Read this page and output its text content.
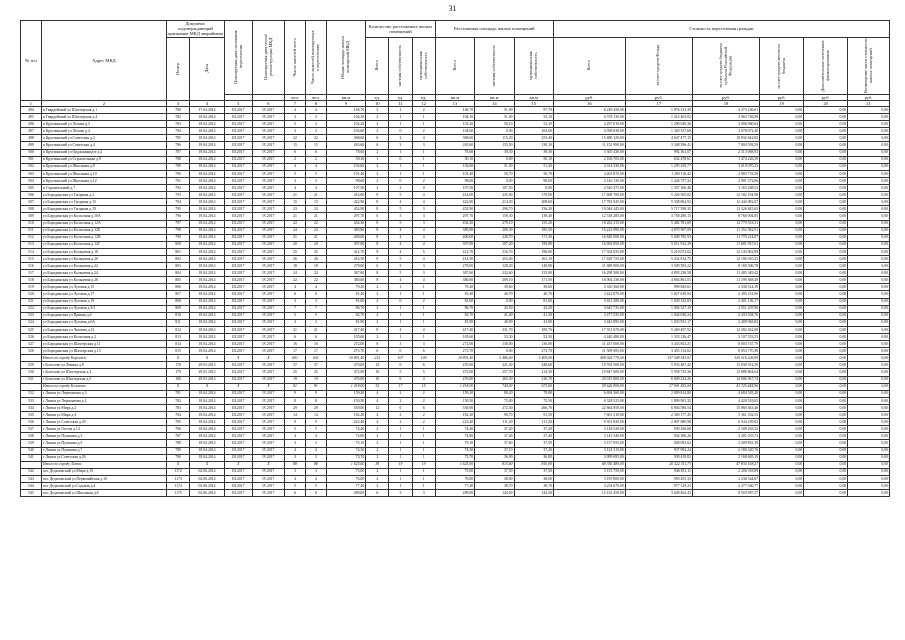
31
№ п/п	Адрес МКД	Документ, подтверждающий признание МКД аварийным		Планируемая дата окончания переселения	Планируемая дата сноса/ реконструкции МКД	Число жителей всего	Число жителей планируемых к переселению	Общая площадь жилых помещений МКД	Количество расселяемых жилых помещений			Расселяемая площадь жилых помещений			Стоимость переселения граждан					

		Номер	Дата						Всего	частная собственность	муниципальная собственность	Всего	частная собственность	муниципальная собственность	Всего	за счет средств Фонда	за счет средств бюджета субъекта Российской Федерации	за счет средств местного бюджета	Дополнительные источники финансирования	Возмещение части стоимости жилых помещений

						чел.	чел.	кв.м	ед.	ед.	ед.	кв.м	кв.м	кв.м	руб.	руб.	руб.	руб.	руб.	руб.
1	2	3	4	5	6	7	8	9	10	11	12	13	14	15	16	17	18	19	20	21
494	п Гвардейский ул Шахтерская д.1	780	17.04.2014	III.2017	IV.2017	4	4	148,70	3	1	2	148,70	51,00	97,70	6 249 450,00	1 876 213,39	4 373 236,61	0,00	0,00	0,00
495	п Гвардейский ул Шахтерская д.4	782	18.04.2014	III.2017	IV.2017	3	3	104,10	2	1	1	104,10	51,00	53,10	4 378 130,00	1 314 403,02	3 063 726,98	0,00	0,00	0,00
496	п Круглинский ул Лесная д.3	783	18.04.2014	III.2017	IV.2017	5	3	102,20	2	1	1	102,20	50,10	52,10	4 297 010,00	1 290 049,36	3 006 960,64	0,00	0,00	0,00
497	п Круглинский ул Лесная д.4	784	18.04.2014	III.2017	IV.2017	3	3	104,60	2	0	2	104,60	0,00	104,60	4 398 630,00	1 320 557,60	3 078 072,40	0,00	0,00	0,00
498	п Круглинский ул Советская д.2	785	18.04.2014	III.2017	IV.2017	22	22	368,60	6	2	4	368,60	115,20	253,40	15 480 120,00	4 647 477,15	10 832 642,85	0,00	0,00	0,00
499	п Круглинский ул Советская д.4	786	18.04.2014	III.2017	IV.2017	15	15	265,60	6	3	3	265,60	135,50	130,10	11 152 990,00	3 348 396,41	7 804 593,59	0,00	0,00	0,00
500	п Круглинский ул Орджоникидзе д.2	787	18.04.2014	III.2017	IV.2017	6	6	78,60	2	1	1	78,60	39,30	39,30	3 305 430,00	992 361,07	2 313 068,93	0,00	0,00	0,00
501	п Круглинский ул Строительная д.9	788	18.04.2014	III.2017	IV.2017	2	2	50,10	1	0	1	50,10	0,00	50,10	2 106 705,00	632 478,61	1 474 226,39	0,00	0,00	0,00
502	п Круглинский ул Школьная д.8	789	18.04.2014	III.2017	IV.2017	4	4	102,60	2	1	1	102,60	51,30	51,30	4 314 330,00	1 295 259,77	3 019 070,23	0,00	0,00	0,00
503	п Круглинский ул Школьная д.10	790	18.04.2014	III.2017	IV.2017	5	5	101,40	2	1	1	101,40	50,70	50,70	4 263 870,00	1 280 116,42	2 983 753,58	0,00	0,00	0,00
504	п Круглинский ул Школьная д.12	791	18.04.2014	III.2017	IV.2017	3	3	98,60	2	0	2	98,60	0,00	98,60	4 146 130,00	1 244 757,34	2 901 372,66	0,00	0,00	0,00
505	п Строительный д.7	792	18.04.2014	III.2017	IV.2017	4	4	107,50	2	2	0	107,50	107,50	0,00	4 520 375,00	1 357 106,48	3 163 268,52	0,00	0,00	0,00
506	ул Бородинская ул Гагарина д.2	793	18.04.2014	III.2017	IV.2017	21	21	414,00	9	5	4	414,00	235,00	179,00	17 408 700,00	5 226 505,02	12 182 194,98	0,00	0,00	0,00
507	ул Бородинская ул Гагарина д.15	794	18.04.2014	III.2017	IV.2017	15	15	422,90	8	4	4	422,90	214,30	208,60	17 782 945,00	5 338 862,93	12 444 082,07	0,00	0,00	0,00
508	ул Бородинская ул Гагарина д.19	795	18.04.2014	III.2017	IV.2017	23	23	452,90	8	5	3	452,90	296,70	156,20	19 044 445,00	5 717 599,35	13 326 845,65	0,00	0,00	0,00
509	ул Бородинская ул Колхозная д.10А	796	18.04.2014	III.2017	IV.2017	21	21	297,70	6	3	3	297,70	159,30	138,40	12 518 285,00	3 758 280,15	8 760 004,85	0,00	0,00	0,00
510	ул Бородинская ул Колхозная д.12А	797	18.04.2014	III.2017	IV.2017	22	22	434,30	8	5	3	434,30	279,10	155,20	18 262 315,00	5 482 781,69	12 779 533,31	0,00	0,00	0,00
511	ул Бородинская ул Колхозная д.12Б	798	18.04.2014	III.2017	IV.2017	24	24	385,80	8	4	4	385,80	200,30	185,50	16 222 890,00	4 870 507,09	11 352 382,91	0,00	0,00	0,00
512	ул Бородинская ул Колхозная д.12В	799	18.04.2014	III.2017	IV.2017	21	21	400,00	8	4	4	400,00	228,70	171,30	16 820 000,00	5 049 785,93	11 770 214,07	0,00	0,00	0,00
513	ул Бородинская ул Колхозная д.12Г	800	18.04.2014	III.2017	IV.2017	20	20	397,00	8	4	4	397,00	197,20	199,80	16 693 850,00	5 011 912,39	11 681 937,61	0,00	0,00	0,00
514	ул Бородинская ул Кольцевая д.18	801	18.04.2014	III.2017	IV.2017	25	25	412,70	9	4	5	412,70	216,70	196,00	17 354 035,00	5 210 072,02	12 143 962,98	0,00	0,00	0,00
515	ул Бородинская ул Кольцевая д.20	802	18.04.2014	III.2017	IV.2017	26	26	414,50	9	5	4	414,50	253,40	161,10	17 429 725,00	5 232 814,75	12 196 910,25	0,00	0,00	0,00
516	ул Бородинская ул Кольцевая д.22	803	18.04.2014	III.2017	IV.2017	18	18	278,00	6	3	3	278,00	128,20	149,80	11 689 900,00	3 509 593,22	8 180 306,78	0,00	0,00	0,00
517	ул Бородинская ул Кольцевая д.24	804	18.04.2014	III.2017	IV.2017	24	24	387,60	8	5	3	387,60	232,60	155,00	16 298 580,00	4 893 230,58	11 405 349,42	0,00	0,00	0,00
518	ул Бородинская ул Кольцевая д.26	805	18.04.2014	III.2017	IV.2017	22	22	380,60	8	4	4	380,60	209,10	171,50	16 004 230,00	4 804 861,51	11 199 368,49	0,00	0,00	0,00
519	ул Бородинская ул Луговая д.15	806	18.04.2014	III.2017	IV.2017	4	4	79,20	2	1	1	79,20	39,60	39,60	3 330 360,00	999 845,61	2 330 514,39	0,00	0,00	0,00
520	ул Бородинская ул Луговая д.17	807	18.04.2014	III.2017	IV.2017	6	6	81,40	2	1	1	81,40	40,70	40,70	3 422 870,00	1 027 618,94	2 395 251,06	0,00	0,00	0,00
521	ул Бородинская ул Луговая д.19	808	18.04.2014	III.2017	IV.2017	3	3	81,60	2	0	2	81,60	0,00	81,60	3 431 280,00	1 030 143,83	2 401 136,17	0,00	0,00	0,00
522	ул Бородинская ул Луговая д.3/1	809	18.04.2014	III.2017	IV.2017	7	7	86,70	2	1	1	86,70	43,50	43,20	3 645 735,00	1 094 527,10	2 551 207,90	0,00	0,00	0,00
523	ул Бородинская ул Прямая д.4	810	18.04.2014	III.2017	IV.2017	5	5	82,70	2	1	1	82,70	41,40	41,30	3 477 535,00	1 044 030,24	2 433 504,76	0,00	0,00	0,00
524	ул Бородинская ул Луговая д.6А	811	18.04.2014	III.2017	IV.2017	3	3	81,90	2	1	1	81,90	40,90	41,00	3 443 895,00	1 033 931,17	2 409 963,83	0,00	0,00	0,00
525	ул Бородинская ул Чкалова д.12	812	18.04.2014	III.2017	IV.2017	21	21	417,40	8	4	4	417,40	231,70	185,70	17 551 670,00	5 269 407,92	12 282 262,08	0,00	0,00	0,00
526	ул Бородинская ул Колхозная д.2	813	18.04.2014	III.2017	IV.2017	6	6	105,60	2	1	1	105,60	53,30	52,30	4 440 480,00	1 333 126,47	3 107 353,53	0,00	0,00	0,00
527	ул Бородинская ул Шахтерская д.11	814	18.04.2014	III.2017	IV.2017	16	16	272,00	6	3	3	272,00	136,00	136,00	11 437 600,00	3 433 852,21	8 003 747,79	0,00	0,00	0,00
528	ул Бородинская ул Шахтерская д.13	815	18.04.2014	III.2017	IV.2017	17	17	273,70	6	0	6	273,70	0,00	273,70	11 509 085,00	3 455 314,62	8 053 770,38	0,00	0,00	0,00
	Итого по городу Киреевск:	X	X	X	X	601	601	10 891,40	212	107	105	10 891,40	5 486,40	5 405,00	458 024 770,00	137 508 543,01	320 516 226,99	0,00	0,00	0,00
529	г Болохово ул Ленина д.8	178	29.03.2013	III.2017	IV.2017	37	37	470,00	12	6	6	470,00	221,40	248,60	19 763 500,00	5 933 487,42	13 830 012,58	0,00	0,00	0,00
530	г Болохово ул Шахтерская д.4	179	29.03.2013	III.2017	IV.2017	25	25	472,00	10	5	5	472,00	257,70	214,30	19 847 600,00	5 958 735,36	13 888 864,64	0,00	0,00	0,00
531	г Болохово ул Шахтерская д.5	180	29.03.2013	III.2017	IV.2017	19	19	476,00	10	6	4	476,00	265,30	210,70	20 015 800,00	6 009 232,26	14 006 567,74	0,00	0,00	0,00
	Итого по городу Болохово:	X	X	X	X	81	81	1 418,00	32	17	15	1 418,00	744,40	673,60	59 626 900,00	17 901 455,04	41 725 444,96	0,00	0,00	0,00
532	г Липки ул Лермонтова д.3	781	18.04.2014	III.2017	IV.2017	9	9	159,20	4	2	2	159,20	80,20	79,00	6 694 360,00	2 009 814,80	4 684 545,20	0,00	0,00	0,00
533	г Липки ул Лермонтова д.4	782	18.04.2014	III.2017	IV.2017	8	8	150,50	4	2	2	150,50	75,00	75,50	6 328 525,00	1 899 981,35	4 428 543,65	0,00	0,00	0,00
534	г Липки ул Мира д.2	783	18.04.2014	III.2017	IV.2017	29	29	539,00	12	6	6	539,00	272,30	266,70	22 664 950,00	6 804 586,54	15 860 363,46	0,00	0,00	0,00
535	г Липки ул Мира д.4	784	18.04.2014	III.2017	IV.2017	14	14	182,20	4	2	2	182,20	90,70	91,50	7 661 510,00	2 300 177,45	5 361 332,55	0,00	0,00	0,00
536	г Липки ул Советская д.29	785	18.04.2014	III.2017	IV.2017	9	9	222,40	4	2	2	222,40	111,20	111,20	9 351 920,00	2 807 680,98	6 544 239,02	0,00	0,00	0,00
537	г Липки ул Гоголя д.14	786	18.04.2014	III.2017	IV.2017	5	5	74,40	2	1	1	74,40	37,20	37,20	3 128 520,00	939 256,68	2 189 263,32	0,00	0,00	0,00
538	г Липки ул Пушкина д.3	787	18.04.2014	III.2017	IV.2017	4	4	74,80	2	1	1	74,80	37,40	37,40	3 145 340,00	944 306,26	2 201 033,74	0,00	0,00	0,00
539	г Липки ул Пушкина д.5	788	18.04.2014	III.2017	IV.2017	3	3	75,10	2	1	1	75,10	37,60	37,50	3 157 955,00	948 093,62	2 209 861,38	0,00	0,00	0,00
540	г Липки ул Пушкина д.7	789	18.04.2014	III.2017	IV.2017	4	4	74,30	2	1	1	74,30	37,10	37,20	3 124 315,00	937 994,24	2 186 320,76	0,00	0,00	0,00
541	г Липки ул Советская д.26	790	18.04.2014	III.2017	IV.2017	3	3	73,70	2	1	1	73,70	36,90	36,80	3 099 085,00	930 419,81	2 168 665,19	0,00	0,00	0,00
	Итого по городу Липки:	X	X	X	X	88	88	1 625,60	38	19	19	1 625,60	815,60	810,00	68 356 480,00	20 522 311,73	47 834 168,27	0,00	0,00	0,00
542	пос Дедиловский ул Мира д.19	1172	02.06.2014	III.2017	IV.2017	3	3	75,00	2	1	1	75,00	37,50	37,50	3 153 750,00	946 831,11	2 206 918,89	0,00	0,00	0,00
543	пос Дедиловский ул Первомайская д.10	1173	02.06.2014	III.2017	IV.2017	4	4	76,00	2	1	1	76,00	38,00	38,00	3 195 800,00	959 455,33	2 236 344,67	0,00	0,00	0,00
544	пос Дедиловский ул Садовая д.4	1174	02.06.2014	III.2017	IV.2017	5	5	77,40	2	1	1	77,40	38,70	38,70	3 254 670,00	977 129,23	2 277 540,77	0,00	0,00	0,00
545	пос Дедиловский ул Школьная д.6	1175	02.06.2014	III.2017	IV.2017	6	6	289,00	6	3	3	289,00	144,50	144,50	12 152 450,00	3 648 462,43	8 503 987,57	0,00	0,00	0,00
